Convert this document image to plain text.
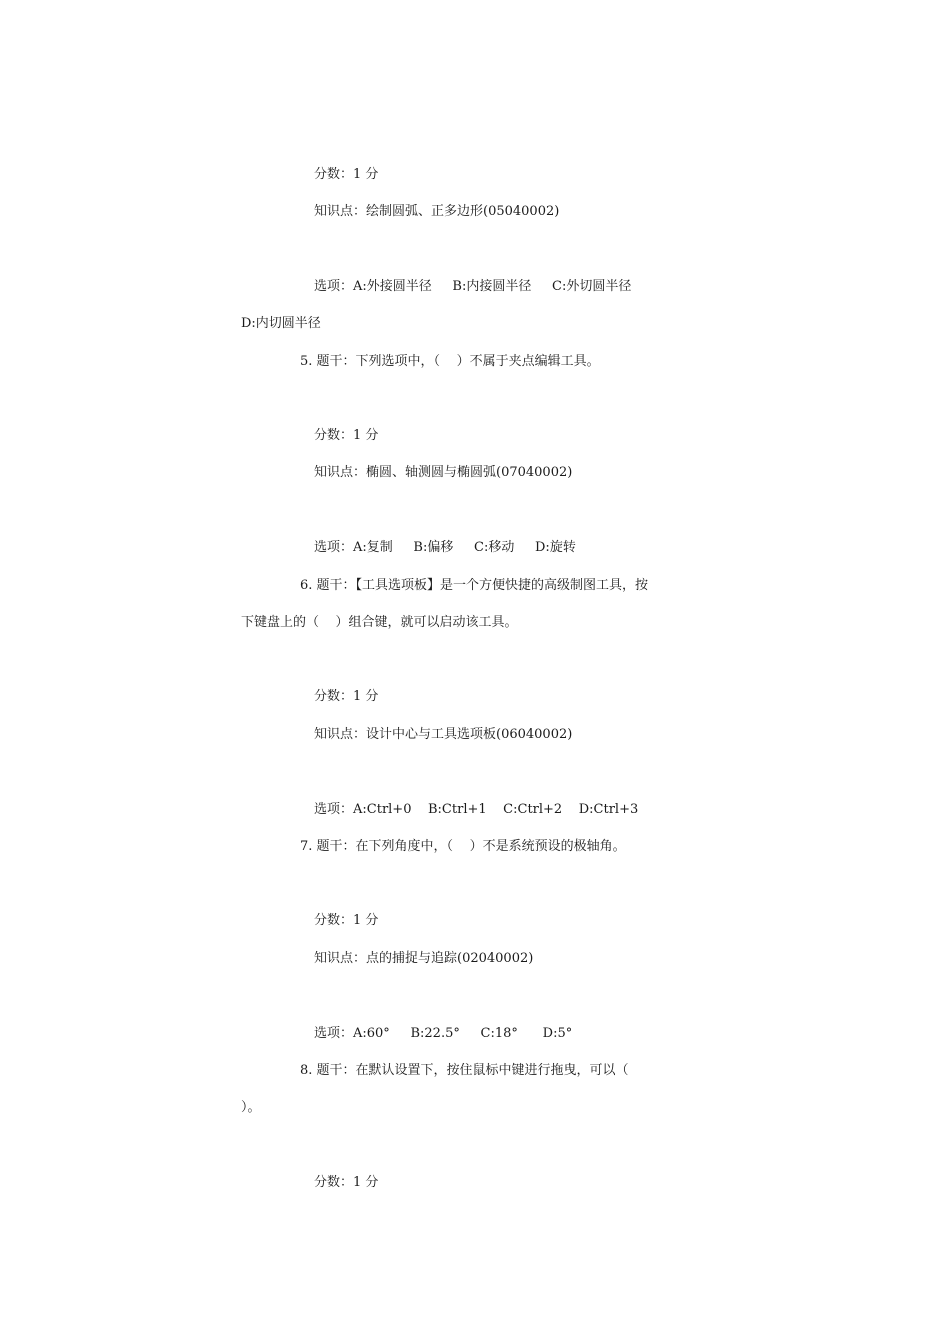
分数：1 分
知识点：绘制圆弧、正多边形(05040002)
选项：A:外接圆半径     B:内接圆半径     C:外切圆半径
D:内切圆半径
5. 题干：下列选项中，（    ）不属于夹点编辑工具。
分数：1 分
知识点：椭圆、轴测圆与椭圆弧(07040002)
选项：A:复制     B:偏移     C:移动     D:旋转
6. 题干：【工具选项板】是一个方便快捷的高级制图工具，按
下键盘上的（    ）组合键，就可以启动该工具。
分数：1 分
知识点：设计中心与工具选项板(06040002)
选项：A:Ctrl+0    B:Ctrl+1    C:Ctrl+2    D:Ctrl+3
7. 题干：在下列角度中，（    ）不是系统预设的极轴角。
分数：1 分
知识点：点的捕捉与追踪(02040002)
选项：A:60°     B:22.5°     C:18°      D:5°
8. 题干：在默认设置下，按住鼠标中键进行拖曳，可以（
）。
分数：1 分
